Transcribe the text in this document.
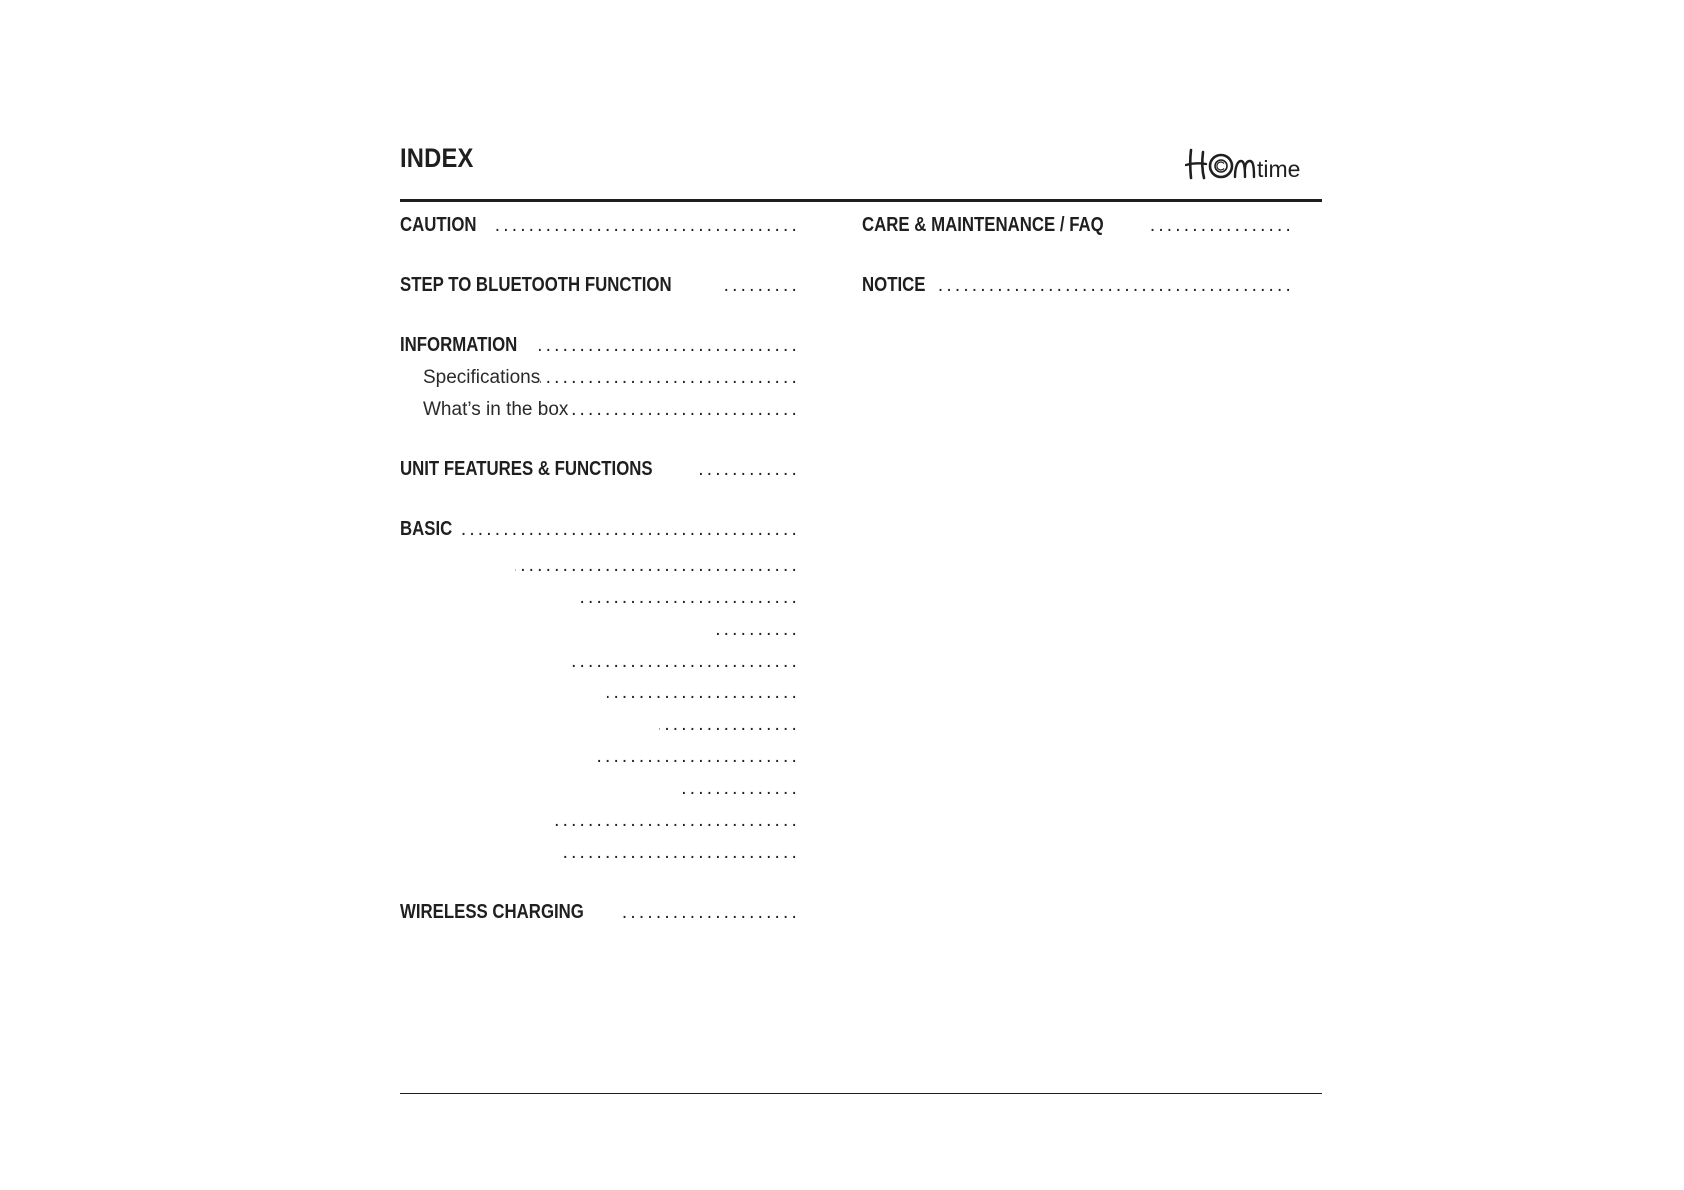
INDEX	time
CAUTION
.....
STEP TO BLUETOOTH FUNCTION
.....
INFORMATION
.....
Specifications
.....
What’s in the box
.....
UNIT FEATURES & FUNCTIONS
.....
BASIC
.....
.....
.....
.....
.....
.....
.....
.....
.....
.....
.....
WIRELESS CHARGING
.....
CARE & MAINTENANCE / FAQ
.....
NOTICE
.....
